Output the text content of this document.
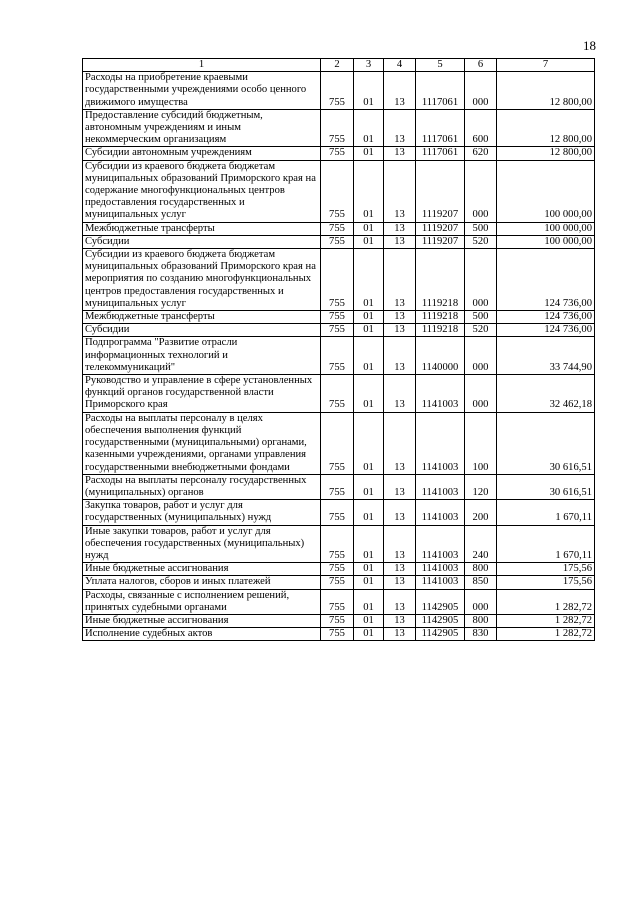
18
1	2	3	4	5	6	7
Расходы на приобретение краевыми государственными учреждениями особо ценного движимого имущества	755	01	13	1117061	000	12 800,00
Предоставление субсидий бюджетным, автономным учреждениям и иным некоммерческим организациям	755	01	13	1117061	600	12 800,00
Субсидии автономным учреждениям	755	01	13	1117061	620	12 800,00
Субсидии из краевого бюджета бюджетам муниципальных образований Приморского края на содержание многофункциональных центров предоставления государственных и муниципальных услуг	755	01	13	1119207	000	100 000,00
Межбюджетные трансферты	755	01	13	1119207	500	100 000,00
Субсидии	755	01	13	1119207	520	100 000,00
Субсидии из краевого бюджета бюджетам муниципальных образований Приморского края на мероприятия по созданию многофункциональных центров предоставления государственных и муниципальных услуг	755	01	13	1119218	000	124 736,00
Межбюджетные трансферты	755	01	13	1119218	500	124 736,00
Субсидии	755	01	13	1119218	520	124 736,00
Подпрограмма "Развитие отрасли информационных технологий и телекоммуникаций"	755	01	13	1140000	000	33 744,90
Руководство и управление в сфере установленных функций органов государственной власти Приморского края	755	01	13	1141003	000	32 462,18
Расходы на выплаты персоналу в целях обеспечения выполнения функций государственными (муниципальными) органами, казенными учреждениями, органами управления государственными внебюджетными фондами	755	01	13	1141003	100	30 616,51
Расходы на выплаты персоналу государственных (муниципальных) органов	755	01	13	1141003	120	30 616,51
Закупка товаров, работ и услуг для государственных (муниципальных) нужд	755	01	13	1141003	200	1 670,11
Иные закупки товаров, работ и услуг для обеспечения государственных (муниципальных) нужд	755	01	13	1141003	240	1 670,11
Иные бюджетные ассигнования	755	01	13	1141003	800	175,56
Уплата налогов, сборов и иных платежей	755	01	13	1141003	850	175,56
Расходы, связанные с исполнением решений, принятых судебными органами	755	01	13	1142905	000	1 282,72
Иные бюджетные ассигнования	755	01	13	1142905	800	1 282,72
Исполнение судебных актов	755	01	13	1142905	830	1 282,72
